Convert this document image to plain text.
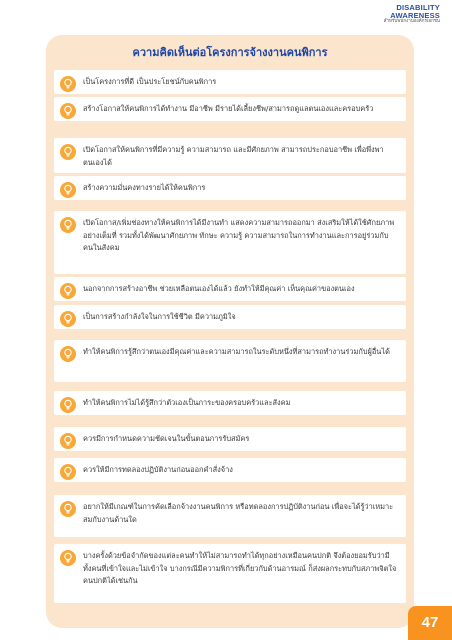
DISABILITY
AWARENESS
สำหรับพนักงานองค์กรเอกชน
ความคิดเห็นต่อโครงการจ้างงานคนพิการ
เป็นโครงการที่ดี เป็นประโยชน์กับคนพิการ
สร้างโอกาสให้คนพิการได้ทำงาน มีอาชีพ มีรายได้เลี้ยงชีพ/สามารถดูแลตนเองและครอบครัว
เปิดโอกาสให้คนพิการที่มีความรู้ ความสามารถ และมีศักยภาพ สามารถประกอบอาชีพ เพื่อพึ่งพาตนเองได้
สร้างความมั่นคงทางรายได้ให้คนพิการ
เปิดโอกาส/เพิ่มช่องทางให้คนพิการได้มีงานทำ แสดงความสามารถออกมา ส่งเสริมให้ได้ใช้ศักยภาพอย่างเต็มที่ รวมทั้งได้พัฒนาศักยภาพ ทักษะ ความรู้ ความสามารถในการทำงานและการอยู่ร่วมกับคนในสังคม
นอกจากการสร้างอาชีพ ช่วยเหลือตนเองได้แล้ว ยังทำให้มีคุณค่า เห็นคุณค่าของตนเอง
เป็นการสร้างกำลังใจในการใช้ชีวิต มีความภูมิใจ
ทำให้คนพิการรู้สึกว่าตนเองมีคุณค่าและความสามารถในระดับหนึ่งที่สามารถทำงานร่วมกับผู้อื่นได้
ทำให้คนพิการไม่ได้รู้สึกว่าตัวเองเป็นภาระของครอบครัวและสังคม
ควรมีการกำหนดความชัดเจนในขั้นตอนการรับสมัคร
ควรให้มีการทดลองปฏิบัติงานก่อนออกคำสั่งจ้าง
อยากให้มีเกณฑ์ในการคัดเลือกจ้างงานคนพิการ หรือทดลองการปฏิบัติงานก่อน เพื่อจะได้รู้ว่าเหมาะสมกับงานด้านใด
บางครั้งด้วยข้อจำกัดของแต่ละคนทำให้ไม่สามารถทำได้ทุกอย่างเหมือนคนปกติ จึงต้องยอมรับว่ามีทั้งคนที่เข้าใจและไม่เข้าใจ บางกรณีมีความพิการที่เกี่ยวกับด้านอารมณ์ ก็ส่งผลกระทบกับสภาพจิตใจคนปกติได้เช่นกัน
47
